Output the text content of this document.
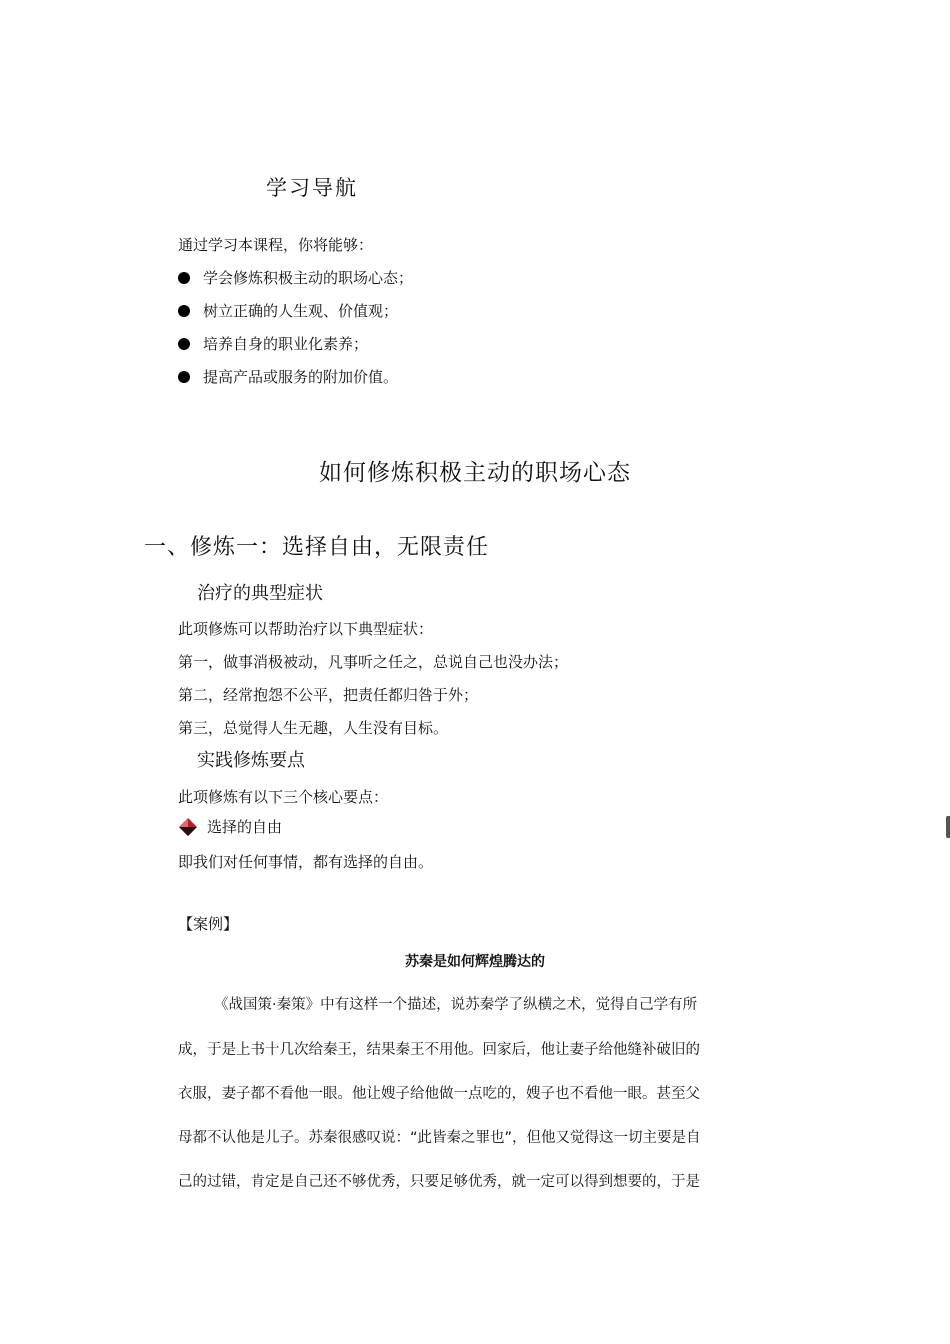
学习导航
通过学习本课程，你将能够：
学会修炼积极主动的职场心态；
树立正确的人生观、价值观；
培养自身的职业化素养；
提高产品或服务的附加价值。
如何修炼积极主动的职场心态
一、修炼一：选择自由，无限责任
治疗的典型症状
此项修炼可以帮助治疗以下典型症状：
第一，做事消极被动，凡事听之任之，总说自己也没办法；
第二，经常抱怨不公平，把责任都归咎于外；
第三，总觉得人生无趣，人生没有目标。
实践修炼要点
此项修炼有以下三个核心要点：
选择的自由
即我们对任何事情，都有选择的自由。
【案例】
苏秦是如何辉煌腾达的
《战国策·秦策》中有这样一个描述，说苏秦学了纵横之术，觉得自己学有所
成，于是上书十几次给秦王，结果秦王不用他。回家后，他让妻子给他缝补破旧的
衣服，妻子都不看他一眼。他让嫂子给他做一点吃的，嫂子也不看他一眼。甚至父
母都不认他是儿子。苏秦很感叹说：“此皆秦之罪也”，但他又觉得这一切主要是自
己的过错，肯定是自己还不够优秀，只要足够优秀，就一定可以得到想要的，于是
